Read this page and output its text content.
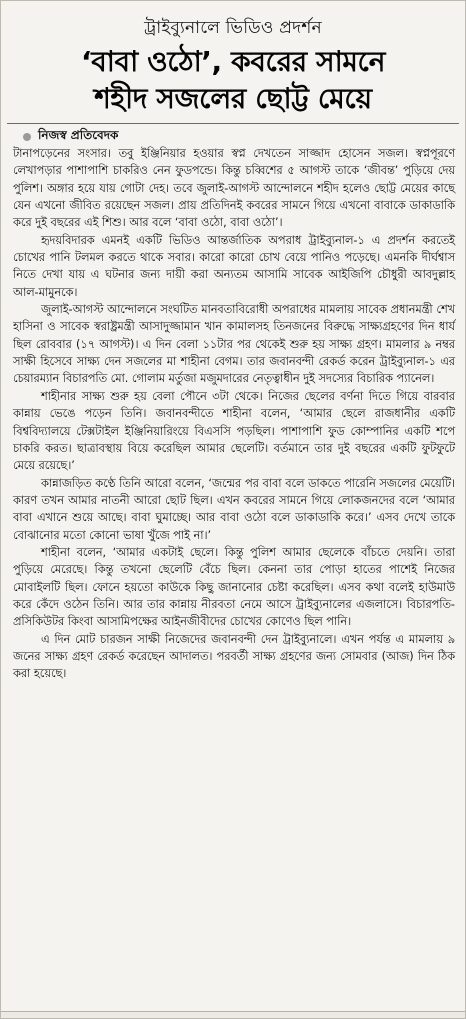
ট্রাইব্যুনালে ভিডিও প্রদর্শন
‘বাবা ওঠো’, কবরের সামনে
শহীদ সজলের ছোট্ট মেয়ে
নিজস্ব প্রতিবেদক

টানাপড়েনের সংসার। তবু ইঞ্জিনিয়ার হওয়ার স্বপ্ন দেখতেন সাজ্জাদ হোসেন সজল। স্বপ্নপূরণে লেখাপড়ার পাশাপাশি চাকরিও নেন ফুডপন্ডে। কিন্তু চব্বিশের ৫ আগস্ট তাকে ‘জীবন্ত’ পুড়িয়ে দেয় পুলিশ। অঙ্গার হয়ে যায় গোটা দেহ। তবে জুলাই-আগস্ট আন্দোলনে শহীদ হলেও ছোট্ট মেয়ের কাছে যেন এখনো জীবিত রয়েছেন সজল। প্রায় প্রতিদিনই কবরের সামনে গিয়ে এখনো বাবাকে ডাকাডাকি করে দুই বছরের এই শিশু। আর বলে ‘বাবা ওঠো, বাবা ওঠো’।

হৃদয়বিদারক এমনই একটি ভিডিও আন্তর্জাতিক অপরাধ ট্রাইব্যুনাল-১ এ প্রদর্শন করতেই চোখের পানি টলমল করতে থাকে সবার। কারো কারো চোখ বেয়ে পানিও পড়েছে। এমনকি দীর্ঘশ্বাস নিতে দেখা যায় এ ঘটনার জন্য দায়ী করা অন্যতম আসামি সাবেক আইজিপি চৌধুরী আবদুল্লাহ আল-মামুনকে।

জুলাই-আগস্ট আন্দোলনে সংঘটিত মানবতাবিরোধী অপরাধের মামলায় সাবেক প্রধানমন্ত্রী শেখ হাসিনা ও সাবেক স্বরাষ্ট্রমন্ত্রী আসাদুজ্জামান খান কামালসহ তিনজনের বিরুদ্ধে সাক্ষ্যগ্রহণের দিন ধার্য ছিল রোববার (১৭ আগস্ট)। এ দিন বেলা ১১টার পর থেকেই শুরু হয় সাক্ষ্য গ্রহণ। মামলার ৯ নম্বর সাক্ষী হিসেবে সাক্ষ্য দেন সজলের মা শাহীনা বেগম। তার জবানবন্দী রেকর্ড করেন ট্রাইব্যুনাল-১ এর চেয়ারম্যান বিচারপতি মো. গোলাম মর্তুজা মজুমদারের নেতৃত্বাধীন দুই সদস্যের বিচারিক প্যানেল।

শাহীনার সাক্ষ্য শুরু হয় বেলা পৌনে ৩টা থেকে। নিজের ছেলের বর্ণনা দিতে গিয়ে বারবার কান্নায় ভেঙে পড়েন তিনি। জবানবন্দীতে শাহীনা বলেন, ‘আমার ছেলে রাজধানীর একটি বিশ্ববিদ্যালয়ে টেক্সটাইল ইঞ্জিনিয়ারিংয়ে বিএসসি পড়ছিল। পাশাপাশি ফুড কোম্পানির একটি শপে চাকরি করত। ছাত্রাবস্থায় বিয়ে করেছিল আমার ছেলেটি। বর্তমানে তার দুই বছরের একটি ফুটফুটে মেয়ে রয়েছে।’

কান্নাজড়িত কণ্ঠে তিনি আরো বলেন, ‘জন্মের পর বাবা বলে ডাকতে পারেনি সজলের মেয়েটি। কারণ তখন আমার নাতনী আরো ছোট ছিল। এখন কবরের সামনে গিয়ে লোকজনদের বলে ‘আমার বাবা এখানে শুয়ে আছে। বাবা ঘুমাচ্ছে। আর বাবা ওঠো বলে ডাকাডাকি করে।’ এসব দেখে তাকে বোঝানোর মতো কোনো ভাষা খুঁজে পাই না।’

শাহীনা বলেন, ‘আমার একটাই ছেলে। কিন্তু পুলিশ আমার ছেলেকে বাঁচতে দেয়নি। তারা পুড়িয়ে মেরেছে। কিন্তু তখনো ছেলেটি বেঁচে ছিল। কেননা তার পোড়া হাতের পাশেই নিজের মোবাইলটি ছিল। ফোনে হয়তো কাউকে কিছু জানানোর চেষ্টা করেছিল। এসব কথা বলেই হাউমাউ করে কেঁদে ওঠেন তিনি। আর তার কান্নায় নীরবতা নেমে আসে ট্রাইব্যুনালের এজলাসে। বিচারপতি-প্রসিকিউটর কিংবা আসামিপক্ষের আইনজীবীদের চোখের কোণেও ছিল পানি।

এ দিন মোট চারজন সাক্ষী নিজেদের জবানবন্দী দেন ট্রাইব্যুনালে। এখন পর্যন্ত এ মামলায় ৯ জনের সাক্ষ্য গ্রহণ রেকর্ড করেছেন আদালত। পরবর্তী সাক্ষ্য গ্রহণের জন্য সোমবার (আজ) দিন ঠিক করা হয়েছে।
